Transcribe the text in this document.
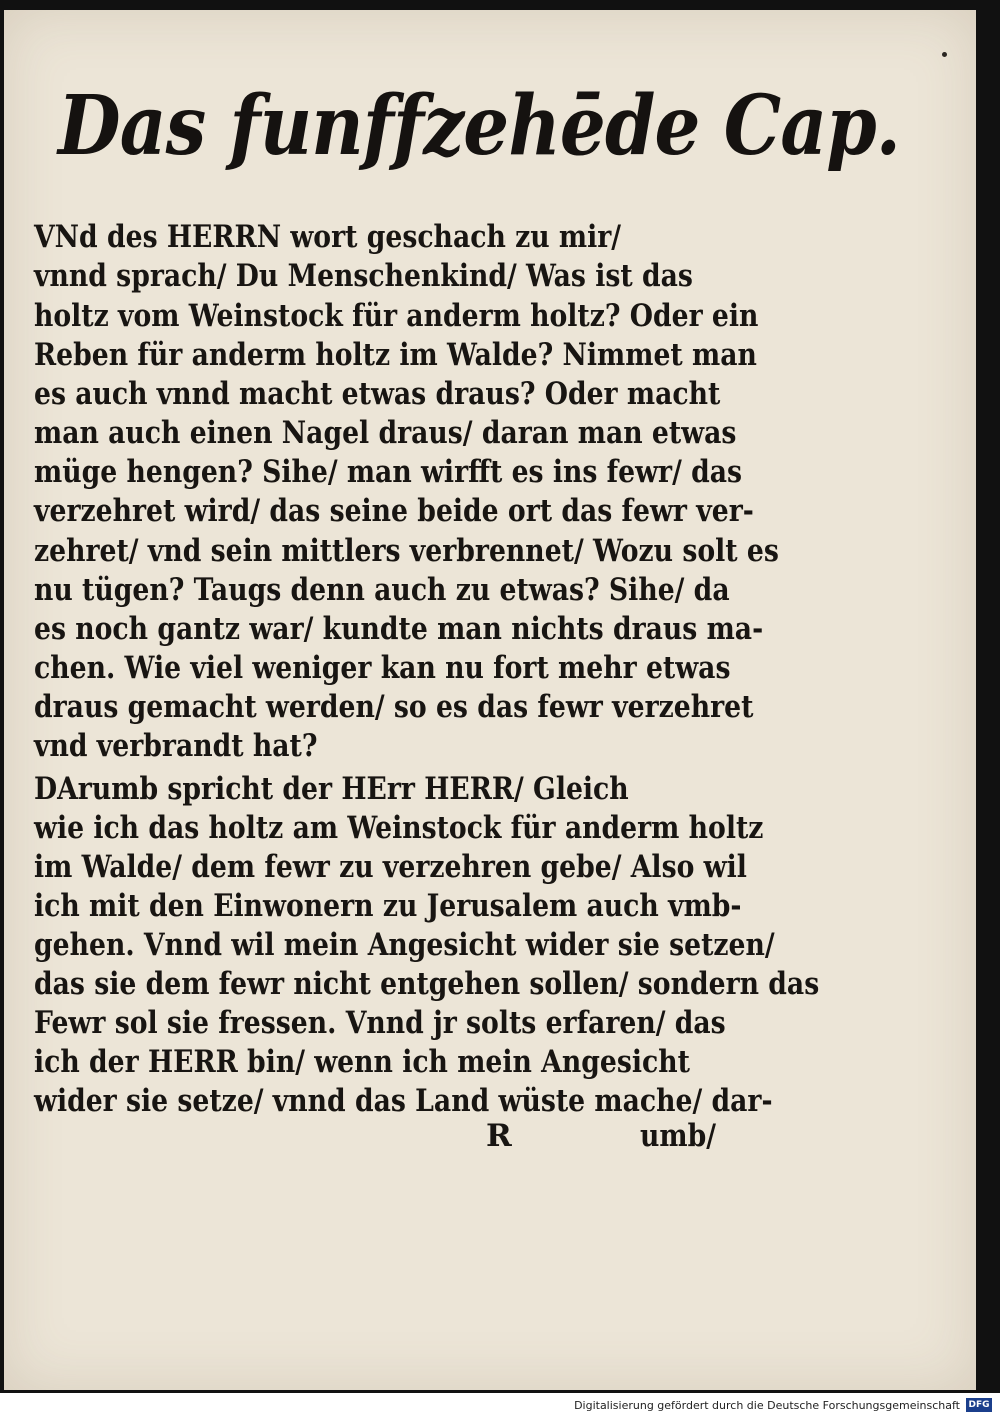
Das funffzehēde Cap.
VNd des HERRN wort geschach zu mir/
vnnd sprach/ Du Menschenkind/ Was ist das
holtz vom Weinstock für anderm holtz? Oder ein
Reben für anderm holtz im Walde? Nimmet man
es auch vnnd macht etwas draus? Oder macht
man auch einen Nagel draus/ daran man etwas
müge hengen? Sihe/ man wirfft es ins fewr/ das
verzehret wird/ das seine beide ort das fewr ver-
zehret/ vnd sein mittlers verbrennet/ Wozu solt es
nu tügen? Taugs denn auch zu etwas? Sihe/ da
es noch gantz war/ kundte man nichts draus ma-
chen. Wie viel weniger kan nu fort mehr etwas
draus gemacht werden/ so es das fewr verzehret
vnd verbrandt hat?
DArumb spricht der HErr HERR/ Gleich
wie ich das holtz am Weinstock für anderm holtz
im Walde/ dem fewr zu verzehren gebe/ Also wil
ich mit den Einwonern zu Jerusalem auch vmb-
gehen. Vnnd wil mein Angesicht wider sie setzen/
das sie dem fewr nicht entgehen sollen/ sondern das
Fewr sol sie fressen. Vnnd jr solts erfaren/ das
ich der HERR bin/ wenn ich mein Angesicht
wider sie setze/ vnnd das Land wüste mache/ dar-
R	umb/
Digitalisierung gefördert durch die Deutsche Forschungsgemeinschaft DFG
